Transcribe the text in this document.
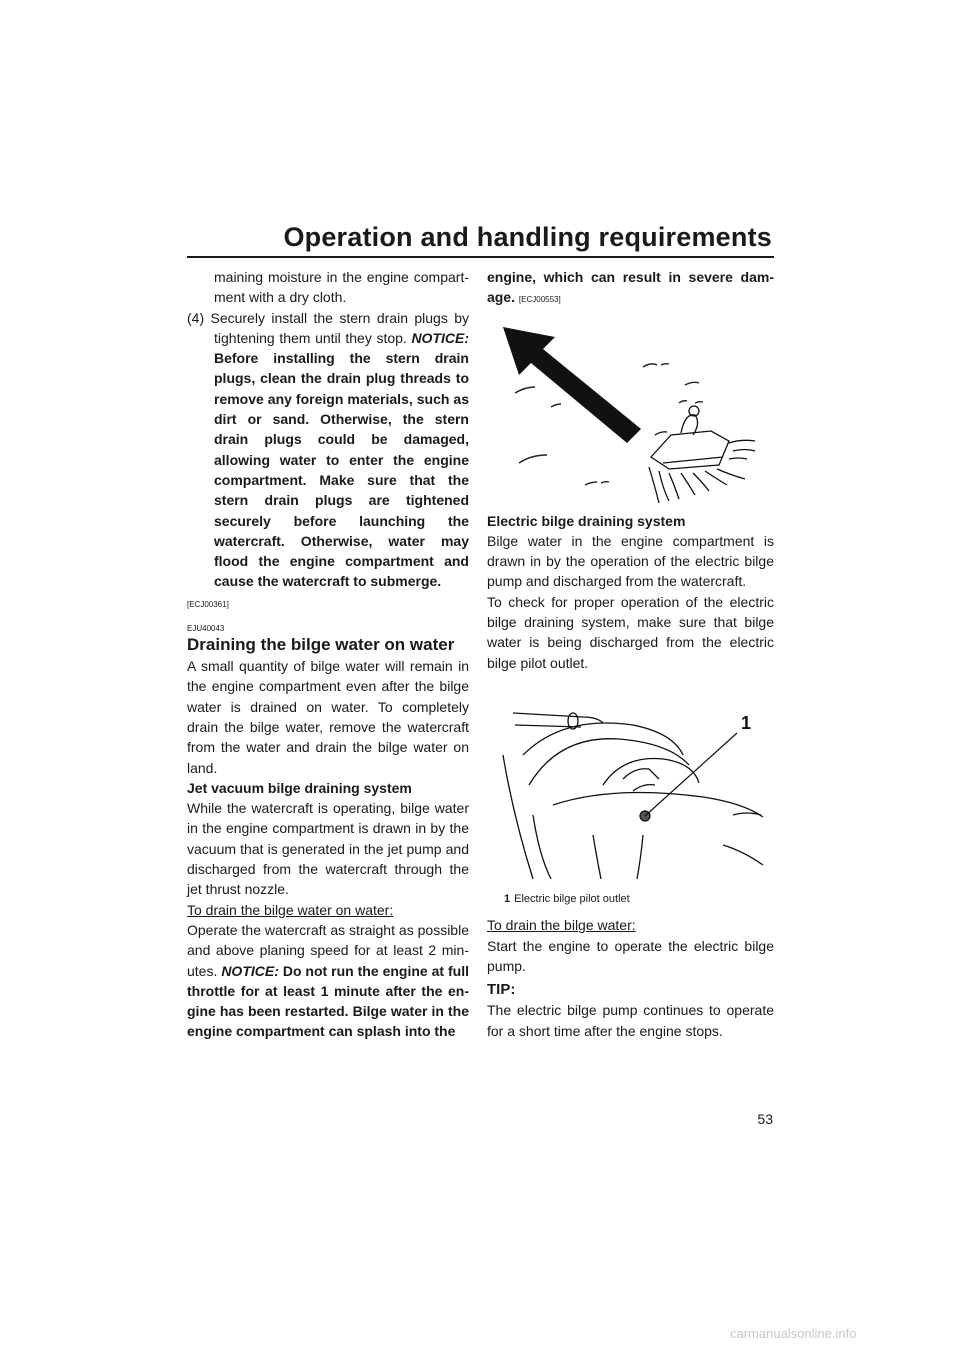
Operation and handling requirements

maining moisture in the engine compart-ment with a dry cloth.

(4) Securely install the stern drain plugs by tightening them until they stop. NOTICE: Before installing the stern drain plugs, clean the drain plug threads to remove any foreign materials, such as dirt or sand. Otherwise, the stern drain plugs could be damaged, allowing water to enter the engine compartment. Make sure that the stern drain plugs are tightened securely before launching the watercraft. Otherwise, water may flood the engine compartment and cause the watercraft to submerge.
[ECJ00361]

EJU40043
Draining the bilge water on water

A small quantity of bilge water will remain in the engine compartment even after the bilge water is drained on water. To completely drain the bilge water, remove the watercraft from the water and drain the bilge water on land.

Jet vacuum bilge draining system

While the watercraft is operating, bilge water in the engine compartment is drawn in by the vacuum that is generated in the jet pump and discharged from the watercraft through the jet thrust nozzle.

To drain the bilge water on water:

Operate the watercraft as straight as possible and above planing speed for at least 2 min-utes. NOTICE: Do not run the engine at full throttle for at least 1 minute after the en-gine has been restarted. Bilge water in the engine compartment can splash into the

engine, which can result in severe dam-age. [ECJ00553]

Electric bilge draining system

Bilge water in the engine compartment is drawn in by the operation of the electric bilge pump and discharged from the watercraft.

To check for proper operation of the electric bilge draining system, make sure that bilge water is being discharged from the electric bilge pilot outlet.

1
1 Electric bilge pilot outlet
To drain the bilge water:

Start the engine to operate the electric bilge pump.

TIP:

The electric bilge pump continues to operate for a short time after the engine stops.

53
carmanualsonline.info
